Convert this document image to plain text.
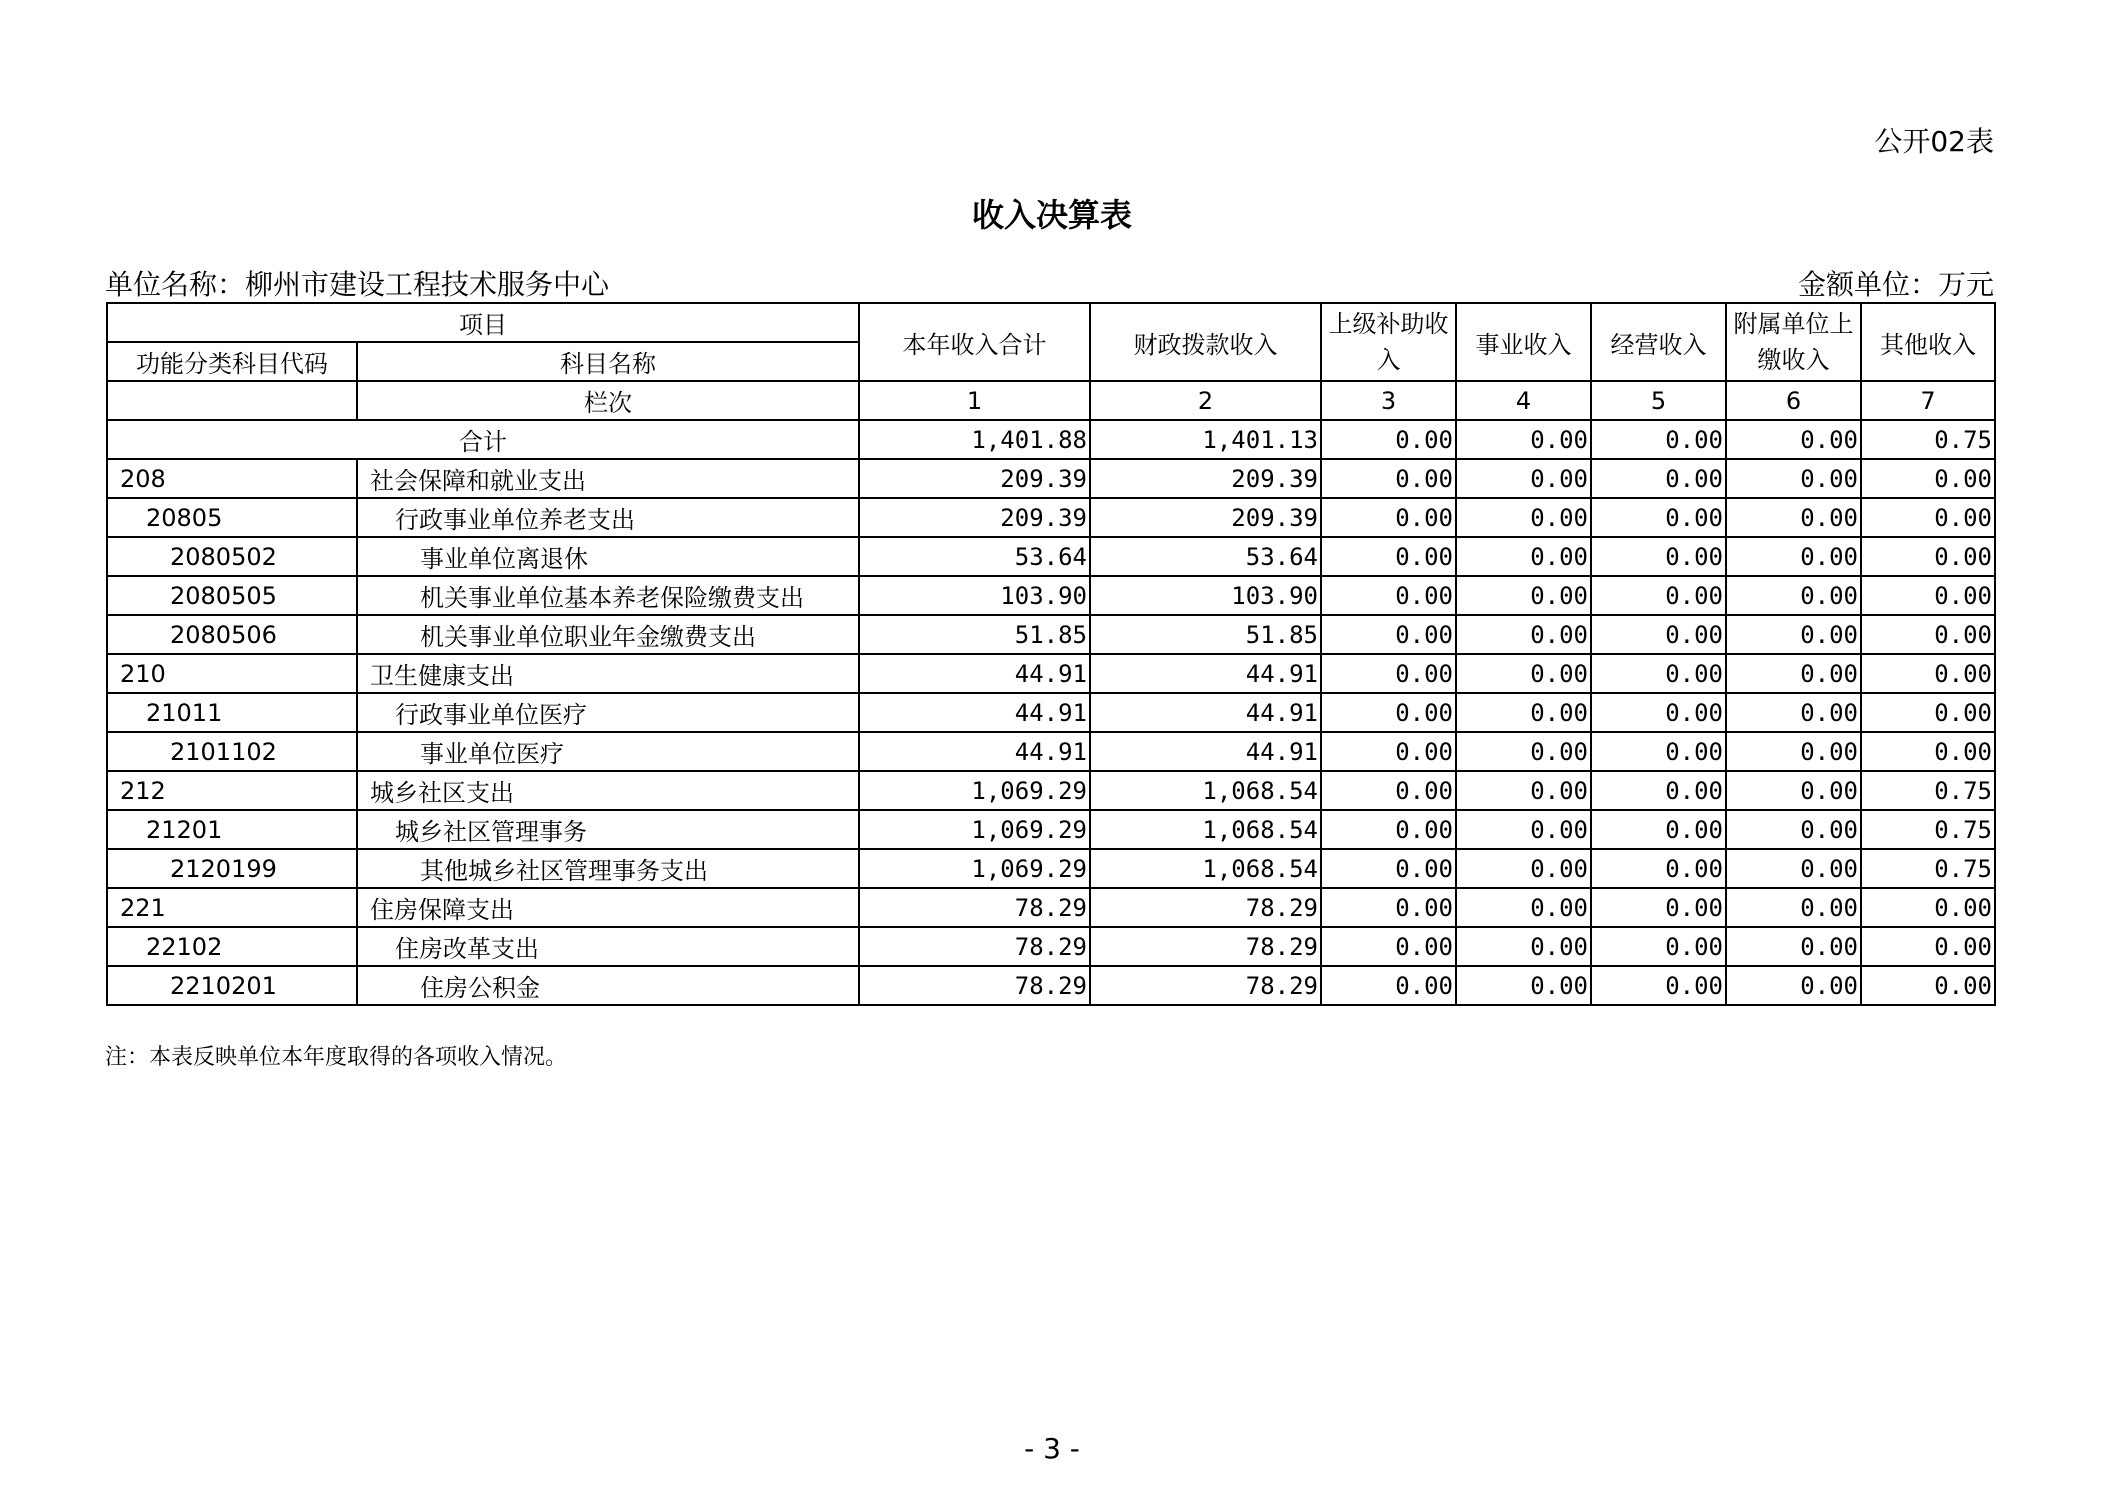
公开02表
收入决算表
单位名称：柳州市建设工程技术服务中心	金额单位：万元
项目		本年收入合计	财政拨款收入	上级补助收入	事业收入	经营收入	附属单位上缴收入	其他收入
功能分类科目代码	科目名称							
	栏次	1	2	3	4	5	6	7
合计		1,401.88	1,401.13	0.00	0.00	0.00	0.00	0.75
208	社会保障和就业支出	209.39	209.39	0.00	0.00	0.00	0.00	0.00
20805	行政事业单位养老支出	209.39	209.39	0.00	0.00	0.00	0.00	0.00
2080502	事业单位离退休	53.64	53.64	0.00	0.00	0.00	0.00	0.00
2080505	机关事业单位基本养老保险缴费支出	103.90	103.90	0.00	0.00	0.00	0.00	0.00
2080506	机关事业单位职业年金缴费支出	51.85	51.85	0.00	0.00	0.00	0.00	0.00
210	卫生健康支出	44.91	44.91	0.00	0.00	0.00	0.00	0.00
21011	行政事业单位医疗	44.91	44.91	0.00	0.00	0.00	0.00	0.00
2101102	事业单位医疗	44.91	44.91	0.00	0.00	0.00	0.00	0.00
212	城乡社区支出	1,069.29	1,068.54	0.00	0.00	0.00	0.00	0.75
21201	城乡社区管理事务	1,069.29	1,068.54	0.00	0.00	0.00	0.00	0.75
2120199	其他城乡社区管理事务支出	1,069.29	1,068.54	0.00	0.00	0.00	0.00	0.75
221	住房保障支出	78.29	78.29	0.00	0.00	0.00	0.00	0.00
22102	住房改革支出	78.29	78.29	0.00	0.00	0.00	0.00	0.00
2210201	住房公积金	78.29	78.29	0.00	0.00	0.00	0.00	0.00
注：本表反映单位本年度取得的各项收入情况。
- 3 -
